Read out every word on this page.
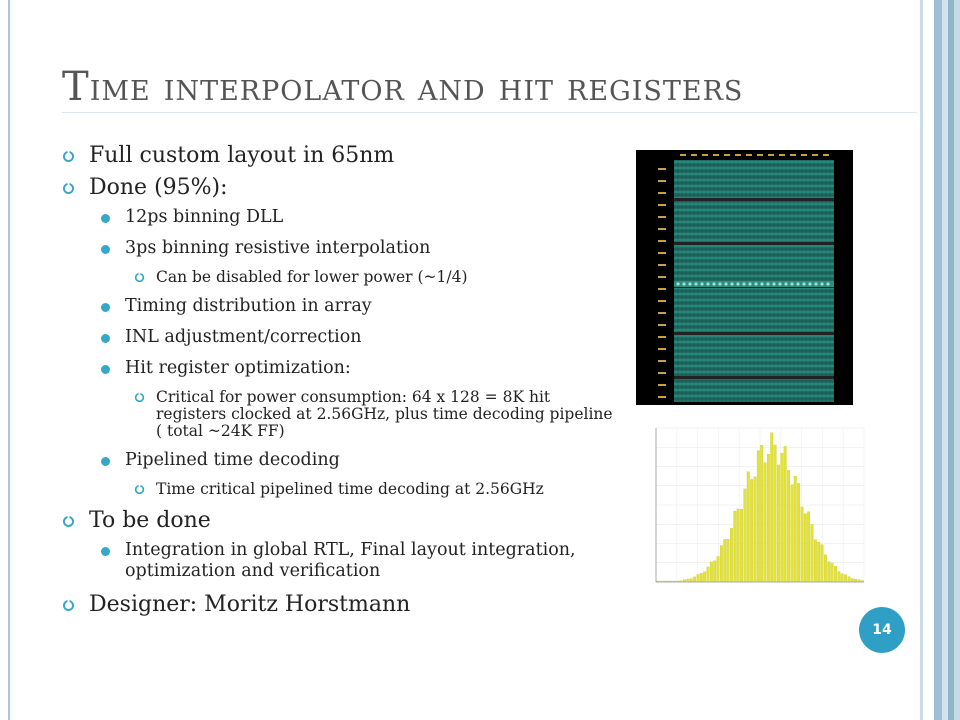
Time interpolator and hit registers
Full custom layout in 65nm
Done (95%):
12ps binning DLL
3ps binning resistive interpolation
Can be disabled for lower power (~1/4)
Timing distribution in array
INL adjustment/correction
Hit register optimization:
Critical for power consumption: 64 x 128 = 8K hit registers clocked at 2.56GHz, plus time decoding pipeline ( total ~24K FF)
Pipelined time decoding
Time critical pipelined time decoding at 2.56GHz
To be done
Integration in global RTL, Final layout integration, optimization and verification
Designer: Moritz Horstmann
14
